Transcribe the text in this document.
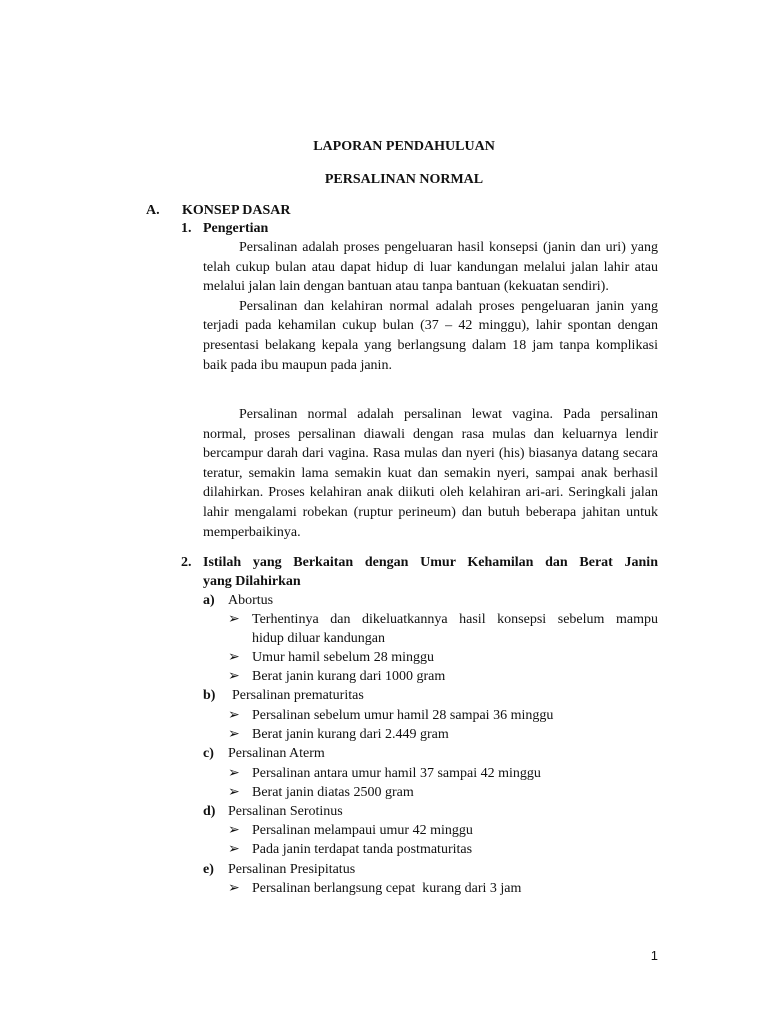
LAPORAN PENDAHULUAN
PERSALINAN NORMAL
A. KONSEP DASAR
1. Pengertian

Persalinan adalah proses pengeluaran hasil konsepsi (janin dan uri) yang telah cukup bulan atau dapat hidup di luar kandungan melalui jalan lahir atau melalui jalan lain dengan bantuan atau tanpa bantuan (kekuatan sendiri).

Persalinan dan kelahiran normal adalah proses pengeluaran janin yang terjadi pada kehamilan cukup bulan (37 – 42 minggu), lahir spontan dengan presentasi belakang kepala yang berlangsung dalam 18 jam tanpa komplikasi baik pada ibu maupun pada janin.

Persalinan normal adalah persalinan lewat vagina. Pada persalinan normal, proses persalinan diawali dengan rasa mulas dan keluarnya lendir bercampur darah dari vagina. Rasa mulas dan nyeri (his) biasanya datang secara teratur, semakin lama semakin kuat dan semakin nyeri, sampai anak berhasil dilahirkan. Proses kelahiran anak diikuti oleh kelahiran ari-ari. Seringkali jalan lahir mengalami robekan (ruptur perineum) dan butuh beberapa jahitan untuk memperbaikinya.

2. Istilah yang Berkaitan dengan Umur Kehamilan dan Berat Janin
yang Dilahirkan
a) Abortus
➢ Terhentinya dan dikeluatkannya hasil konsepsi sebelum mampu
hidup diluar kandungan
➢ Umur hamil sebelum 28 minggu
➢ Berat janin kurang dari 1000 gram
b) Persalinan prematuritas
➢ Persalinan sebelum umur hamil 28 sampai 36 minggu
➢ Berat janin kurang dari 2.449 gram
c) Persalinan Aterm
➢ Persalinan antara umur hamil 37 sampai 42 minggu
➢ Berat janin diatas 2500 gram
d) Persalinan Serotinus
➢ Persalinan melampaui umur 42 minggu
➢ Pada janin terdapat tanda postmaturitas
e) Persalinan Presipitatus
➢ Persalinan berlangsung cepat  kurang dari 3 jam
1
